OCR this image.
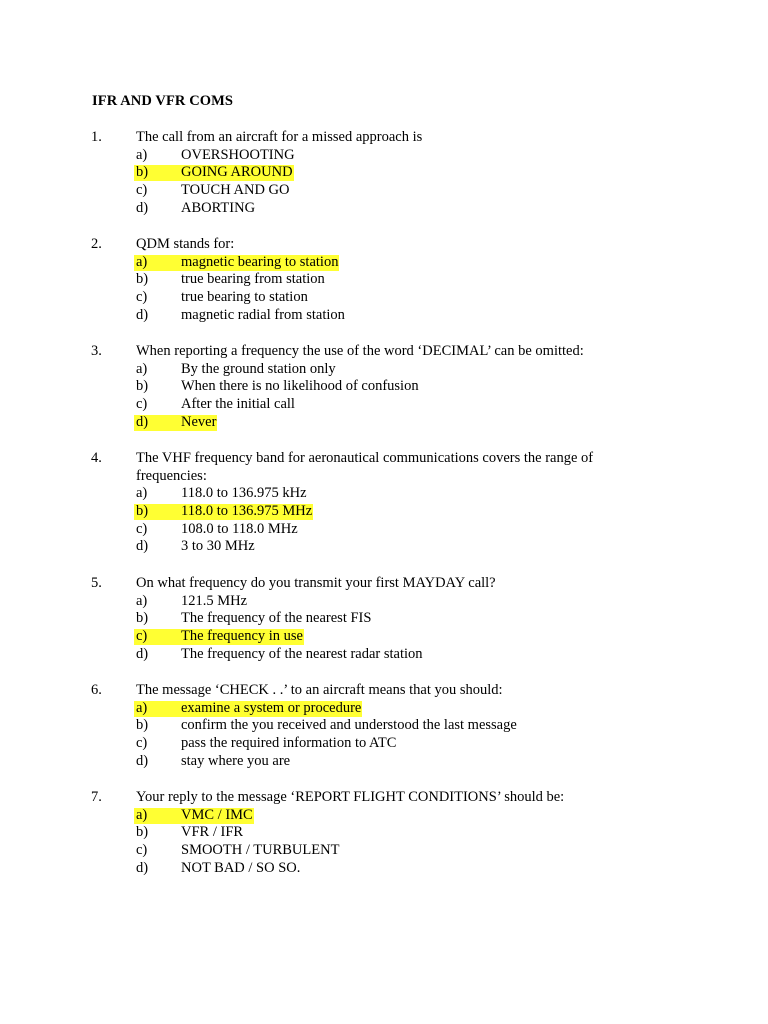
IFR AND VFR COMS
1. The call from an aircraft for a missed approach is
a) OVERSHOOTING
b) GOING AROUND
c) TOUCH AND GO
d) ABORTING
2. QDM stands for:
a) magnetic bearing to station
b) true bearing from station
c) true bearing to station
d) magnetic radial from station
3. When reporting a frequency the use of the word ‘DECIMAL’ can be omitted:
a) By the ground station only
b) When there is no likelihood of confusion
c) After the initial call
d) Never
4. The VHF frequency band for aeronautical communications covers the range of
frequencies:
a) 118.0 to 136.975 kHz
b) 118.0 to 136.975 MHz
c) 108.0 to 118.0 MHz
d) 3 to 30 MHz
5. On what frequency do you transmit your first MAYDAY call?
a) 121.5 MHz
b) The frequency of the nearest FIS
c) The frequency in use
d) The frequency of the nearest radar station
6. The message ‘CHECK . .’ to an aircraft means that you should:
a) examine a system or procedure
b) confirm the you received and understood the last message
c) pass the required information to ATC
d) stay where you are
7. Your reply to the message ‘REPORT FLIGHT CONDITIONS’ should be:
a) VMC / IMC
b) VFR / IFR
c) SMOOTH / TURBULENT
d) NOT BAD / SO SO.
